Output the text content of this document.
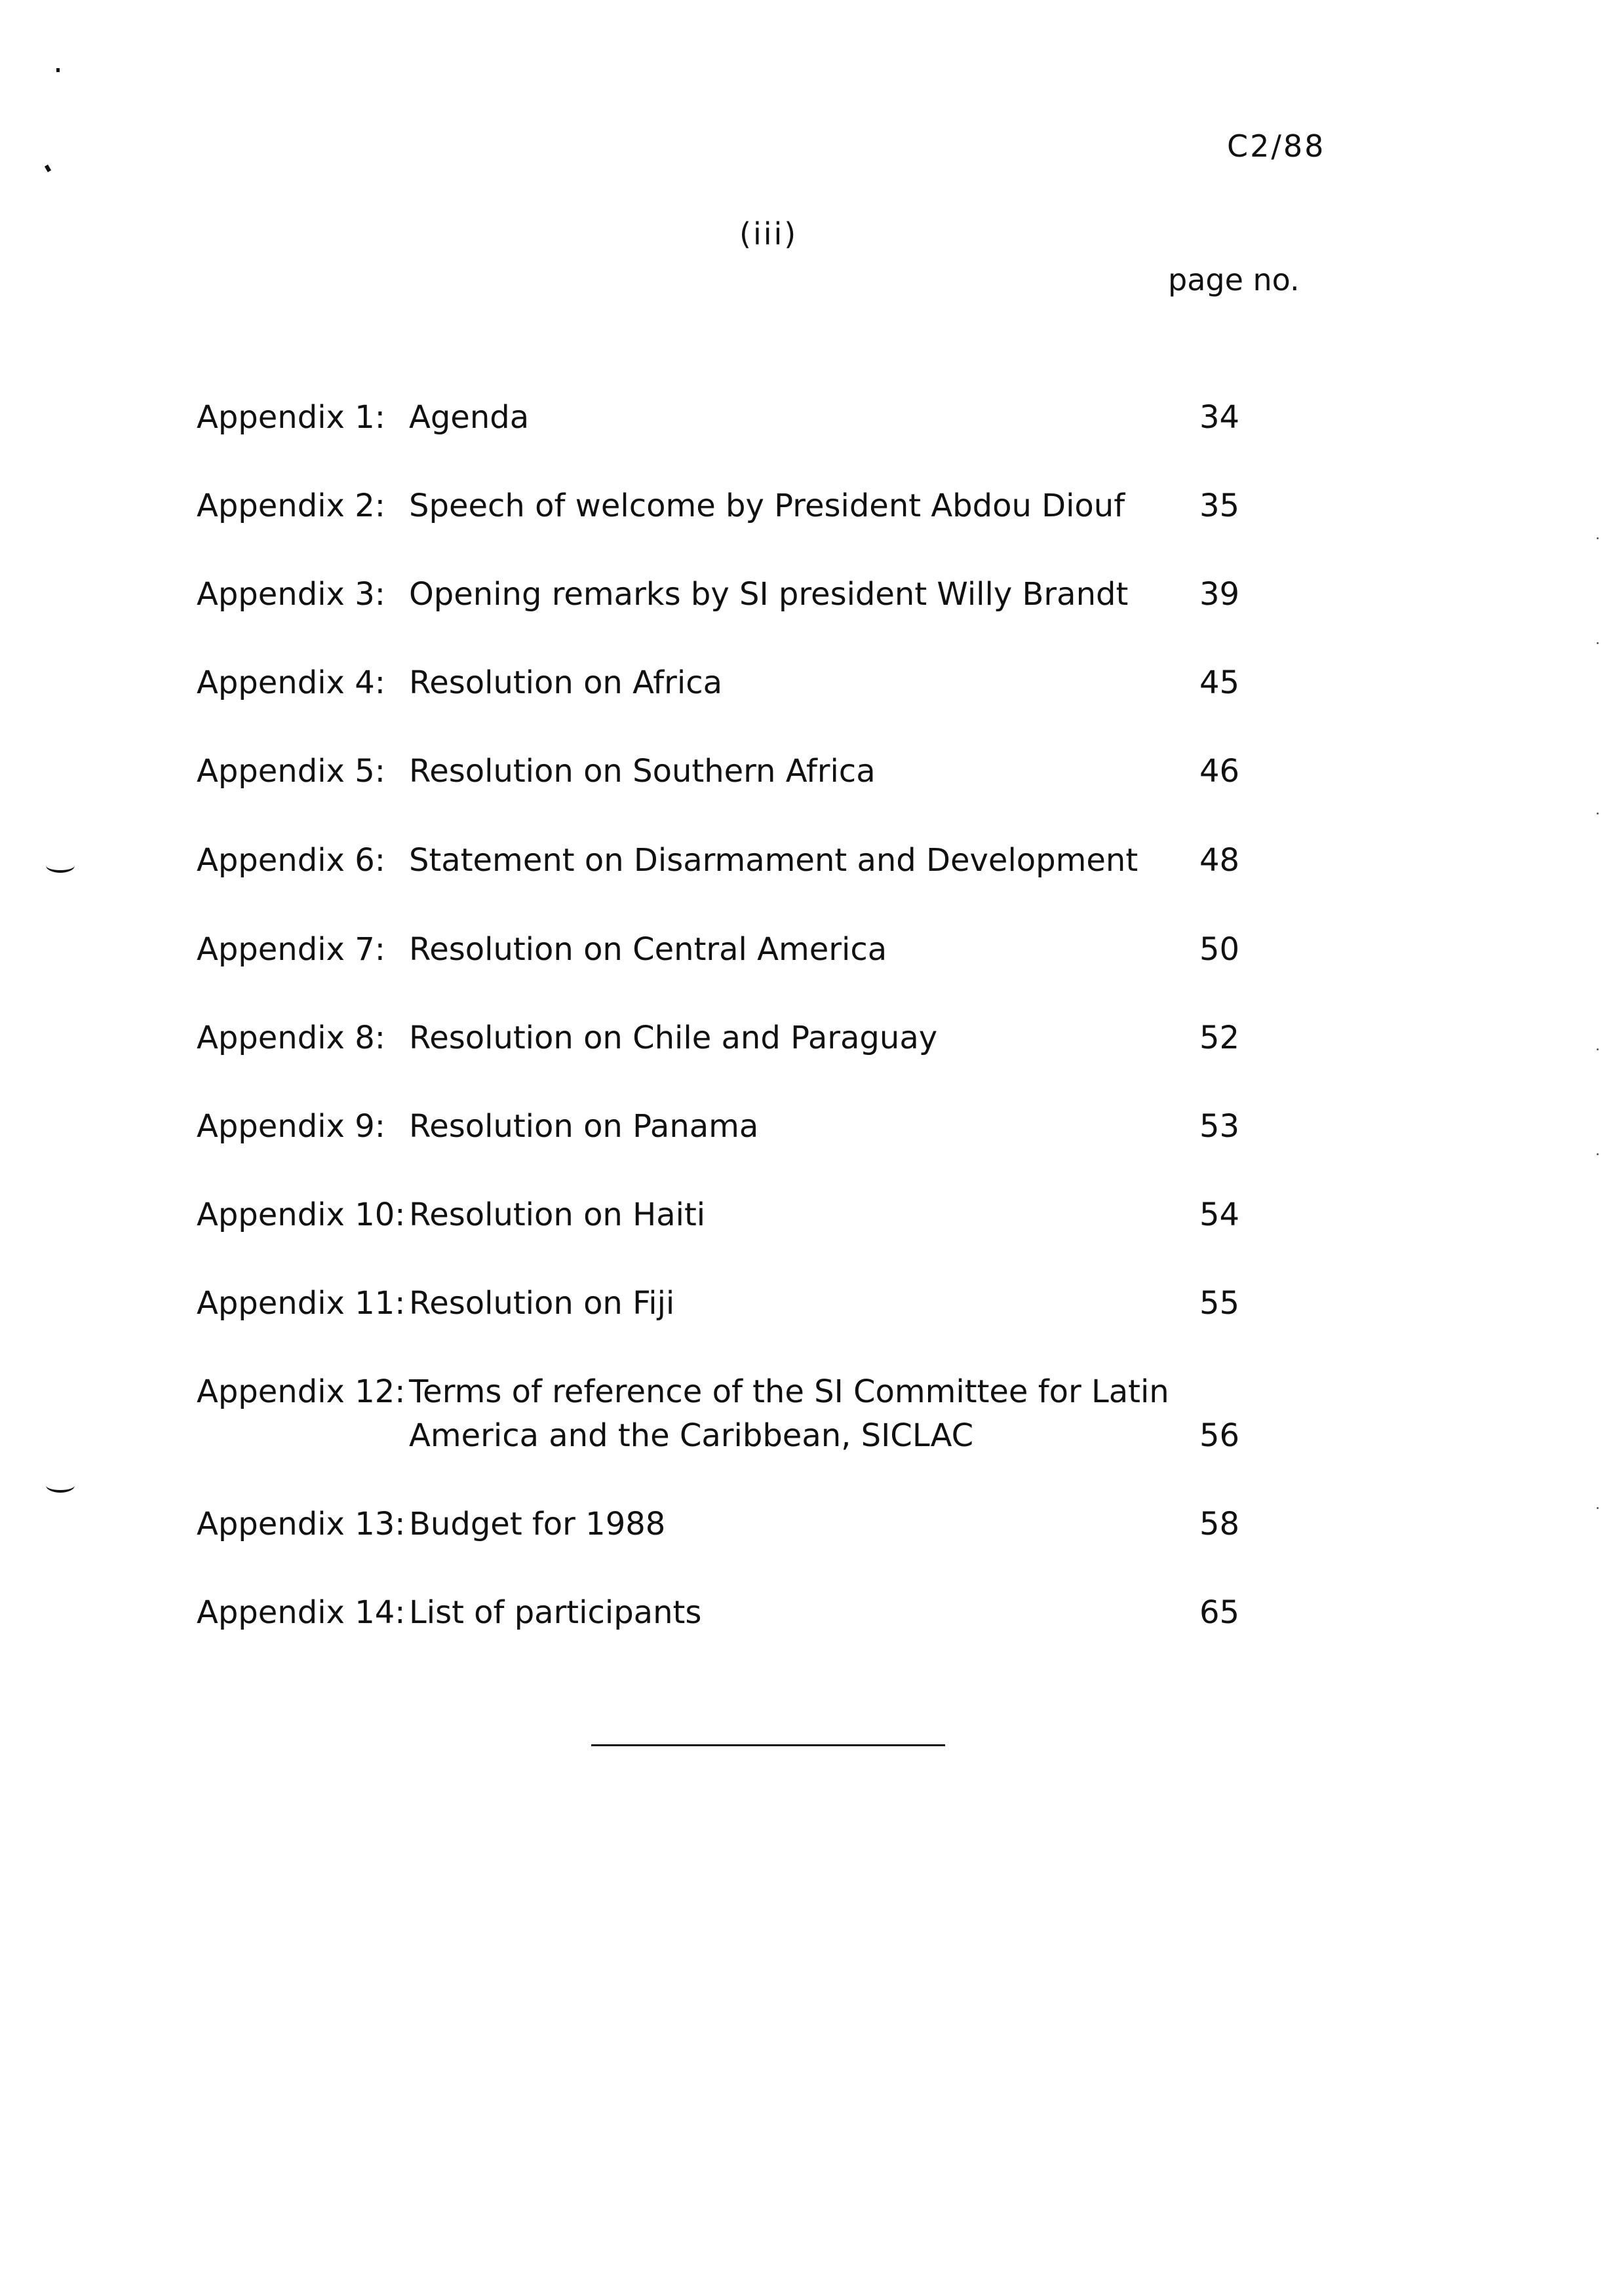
C2/88
(iii)
page no.
Appendix 1: Agenda	34
Appendix 2: Speech of welcome by President Abdou Diouf	35
Appendix 3: Opening remarks by SI president Willy Brandt	39
Appendix 4: Resolution on Africa	45
Appendix 5: Resolution on Southern Africa	46
Appendix 6: Statement on Disarmament and Development	48
Appendix 7: Resolution on Central America	50
Appendix 8: Resolution on Chile and Paraguay	52
Appendix 9: Resolution on Panama	53
Appendix 10: Resolution on Haiti	54
Appendix 11: Resolution on Fiji	55
Appendix 12: Terms of reference of the SI Committee for Latin America and the Caribbean, SICLAC	56
Appendix 13: Budget for 1988	58
Appendix 14: List of participants	65
